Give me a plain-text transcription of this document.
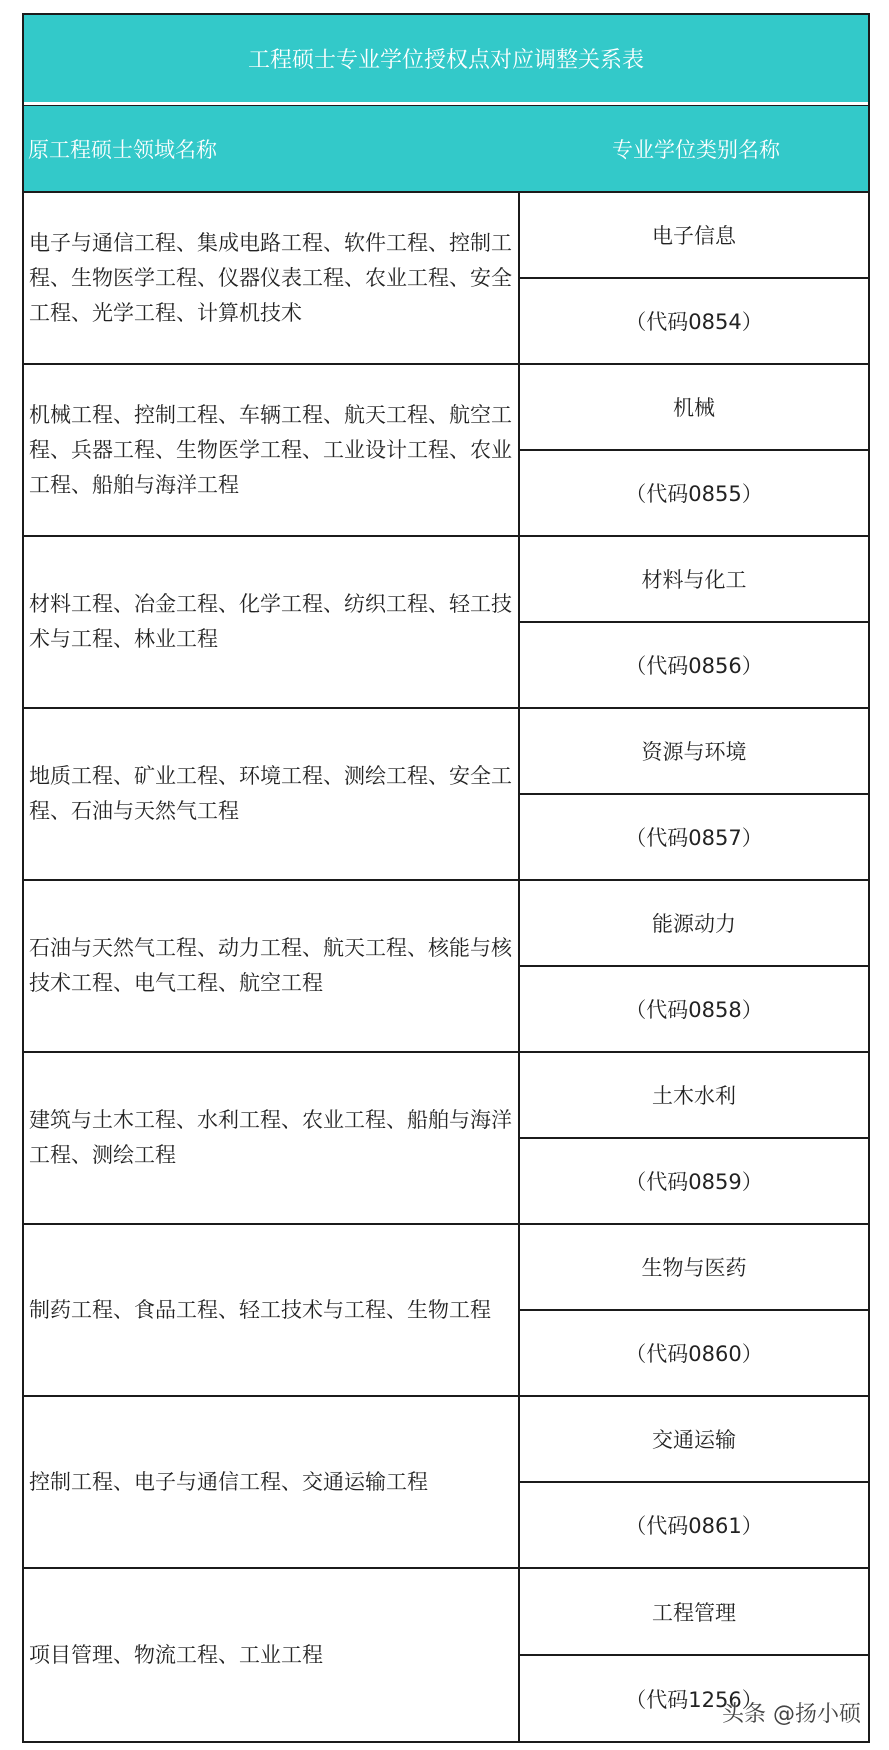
工程硕士专业学位授权点对应调整关系表
原工程硕士领域名称	专业学位类别名称
电子与通信工程、集成电路工程、软件工程、控制工程、生物医学工程、仪器仪表工程、农业工程、安全工程、光学工程、计算机技术
电子信息
（代码0854）
机械工程、控制工程、车辆工程、航天工程、航空工程、兵器工程、生物医学工程、工业设计工程、农业工程、船舶与海洋工程
机械
（代码0855）
材料工程、冶金工程、化学工程、纺织工程、轻工技术与工程、林业工程
材料与化工
（代码0856）
地质工程、矿业工程、环境工程、测绘工程、安全工程、石油与天然气工程
资源与环境
（代码0857）
石油与天然气工程、动力工程、航天工程、核能与核技术工程、电气工程、航空工程
能源动力
（代码0858）
建筑与土木工程、水利工程、农业工程、船舶与海洋工程、测绘工程
土木水利
（代码0859）
制药工程、食品工程、轻工技术与工程、生物工程
生物与医药
（代码0860）
控制工程、电子与通信工程、交通运输工程
交通运输
（代码0861）
项目管理、物流工程、工业工程
工程管理
（代码1256）
头条 @扬小硕
